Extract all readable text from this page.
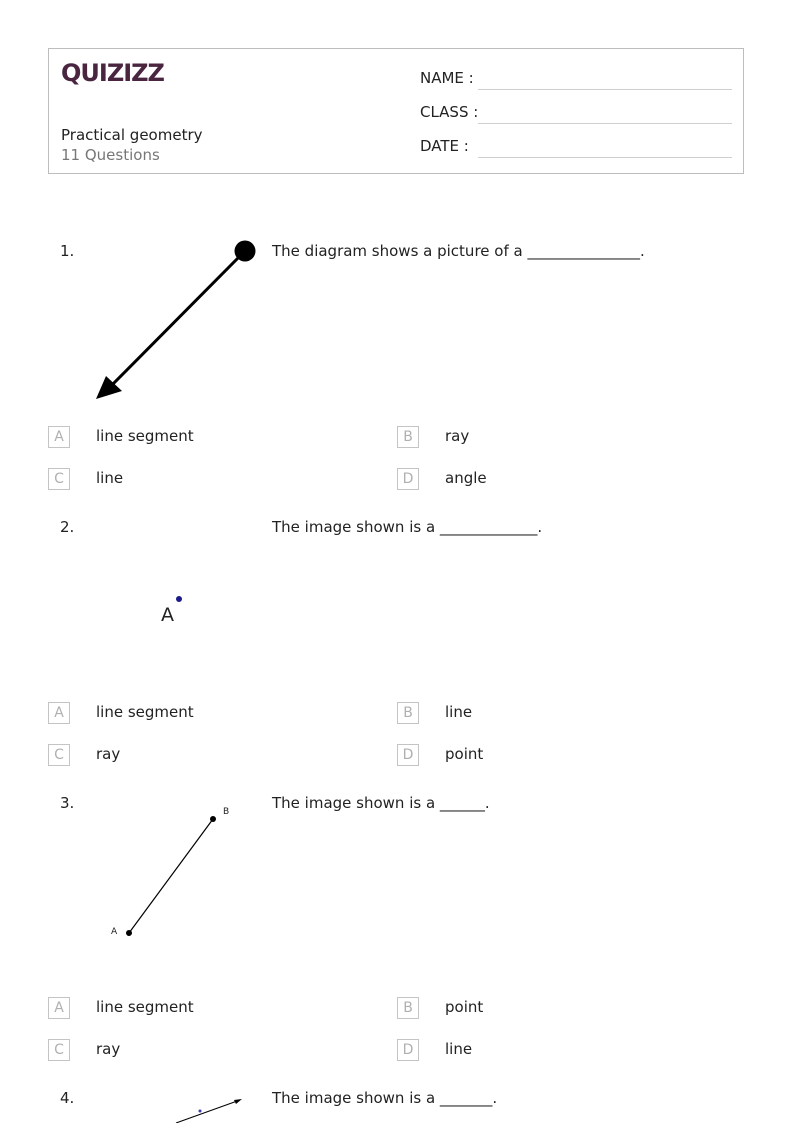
QUIZIZZ
Practical geometry
11 Questions
NAME :
CLASS :
DATE :
1.	The diagram shows a picture of a _______________.
A	line segment	B	ray
C	line	D	angle
2.	The image shown is a _____________.
A
A	line segment	B	line
C	ray	D	point
3.	The image shown is a ______.
A
B
A	line segment	B	point
C	ray	D	line
4.	The image shown is a _______.
